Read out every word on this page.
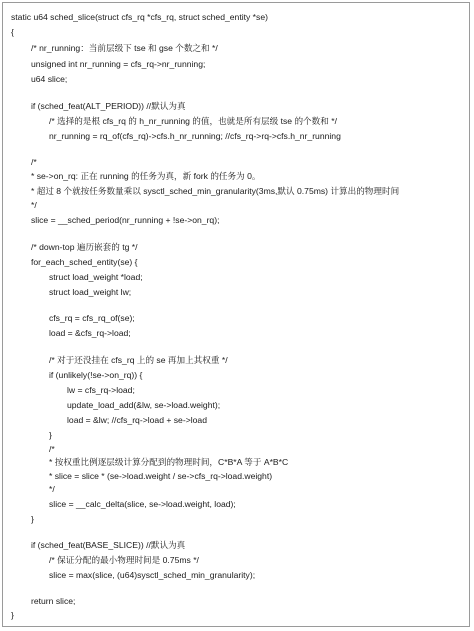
static u64 sched_slice(struct cfs_rq *cfs_rq, struct sched_entity *se)
{
/* nr_running：当前层级下 tse 和 gse 个数之和 */
unsigned int nr_running = cfs_rq->nr_running;
u64 slice;
if (sched_feat(ALT_PERIOD)) //默认为真
/* 选择的是根 cfs_rq 的 h_nr_running 的值，也就是所有层级 tse 的个数和 */
nr_running = rq_of(cfs_rq)->cfs.h_nr_running; //cfs_rq->rq->cfs.h_nr_running
/*
* se->on_rq: 正在 running 的任务为真，新 fork 的任务为 0。
* 超过 8 个就按任务数量乘以 sysctl_sched_min_granularity(3ms,默认 0.75ms) 计算出的物理时间
*/
slice = __sched_period(nr_running + !se->on_rq);
/* down-top 遍历嵌套的 tg */
for_each_sched_entity(se) {
struct load_weight *load;
struct load_weight lw;
cfs_rq = cfs_rq_of(se);
load = &cfs_rq->load;
/* 对于还没挂在 cfs_rq 上的 se 再加上其权重 */
if (unlikely(!se->on_rq)) {
lw = cfs_rq->load;
update_load_add(&lw, se->load.weight);
load = &lw; //cfs_rq->load + se->load
}
/*
* 按权重比例逐层级计算分配到的物理时间，C*B*A 等于 A*B*C
* slice = slice * (se->load.weight / se->cfs_rq->load.weight)
*/
slice = __calc_delta(slice, se->load.weight, load);
}
if (sched_feat(BASE_SLICE)) //默认为真
/* 保证分配的最小物理时间是 0.75ms */
slice = max(slice, (u64)sysctl_sched_min_granularity);
return slice;
}
